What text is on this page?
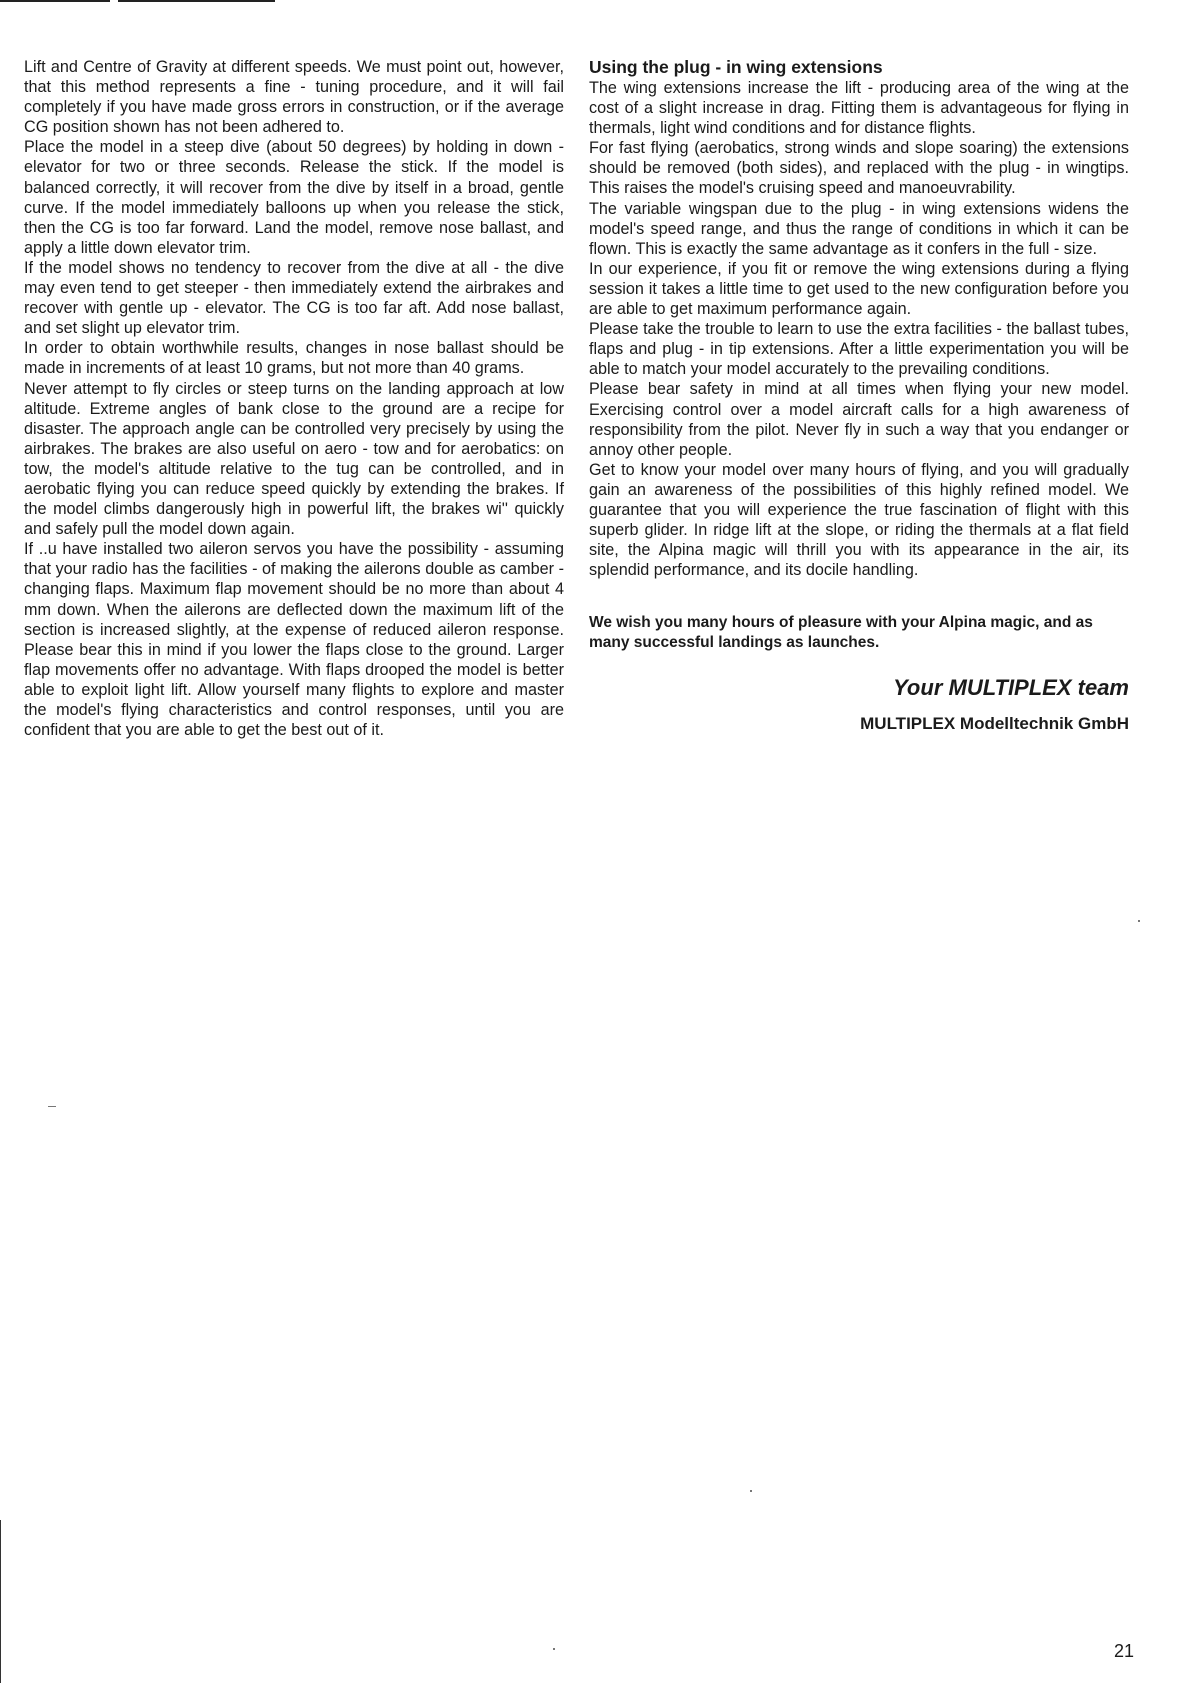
Lift and Centre of Gravity at different speeds. We must point out, however, that this method represents a fine - tuning procedure, and it will fail completely if you have made gross errors in construction, or if the average CG position shown has not been adhered to.

Place the model in a steep dive (about 50 degrees) by holding in down - elevator for two or three seconds. Release the stick. If the model is balanced correctly, it will recover from the dive by itself in a broad, gentle curve. If the model immediately balloons up when you release the stick, then the CG is too far forward. Land the model, remove nose ballast, and apply a little down elevator trim.

If the model shows no tendency to recover from the dive at all - the dive may even tend to get steeper - then immediately extend the airbrakes and recover with gentle up - elevator. The CG is too far aft. Add nose ballast, and set slight up elevator trim.

In order to obtain worthwhile results, changes in nose ballast should be made in increments of at least 10 grams, but not more than 40 grams.

Never attempt to fly circles or steep turns on the landing approach at low altitude. Extreme angles of bank close to the ground are a recipe for disaster. The approach angle can be controlled very precisely by using the airbrakes. The brakes are also useful on aero - tow and for aerobatics: on tow, the model's altitude relative to the tug can be controlled, and in aerobatic flying you can reduce speed quickly by extending the brakes. If the model climbs dangerously high in powerful lift, the brakes wi'' quickly and safely pull the model down again.

If ..u have installed two aileron servos you have the possibility - assuming that your radio has the facilities - of making the ailerons double as camber - changing flaps. Maximum flap movement should be no more than about 4 mm down. When the ailerons are deflected down the maximum lift of the section is increased slightly, at the expense of reduced aileron response. Please bear this in mind if you lower the flaps close to the ground. Larger flap movements offer no advantage. With flaps drooped the model is better able to exploit light lift. Allow yourself many flights to explore and master the model's flying characteristics and control responses, until you are confident that you are able to get the best out of it.

Using the plug - in wing extensions

The wing extensions increase the lift - producing area of the wing at the cost of a slight increase in drag. Fitting them is advantageous for flying in thermals, light wind conditions and for distance flights.

For fast flying (aerobatics, strong winds and slope soaring) the extensions should be removed (both sides), and replaced with the plug - in wingtips. This raises the model's cruising speed and manoeuvrability.

The variable wingspan due to the plug - in wing extensions widens the model's speed range, and thus the range of conditions in which it can be flown. This is exactly the same advantage as it confers in the full - size.

In our experience, if you fit or remove the wing extensions during a flying session it takes a little time to get used to the new configuration before you are able to get maximum performance again.

Please take the trouble to learn to use the extra facilities - the ballast tubes, flaps and plug - in tip extensions. After a little experimentation you will be able to match your model accurately to the prevailing conditions.

Please bear safety in mind at all times when flying your new model. Exercising control over a model aircraft calls for a high awareness of responsibility from the pilot. Never fly in such a way that you endanger or annoy other people.

Get to know your model over many hours of flying, and you will gradually gain an awareness of the possibilities of this highly refined model. We guarantee that you will experience the true fascination of flight with this superb glider. In ridge lift at the slope, or riding the thermals at a flat field site, the Alpina magic will thrill you with its appearance in the air, its splendid performance, and its docile handling.

We wish you many hours of pleasure with your Alpina magic, and as many successful landings as launches.

Your MULTIPLEX team

MULTIPLEX Modelltechnik GmbH

21
